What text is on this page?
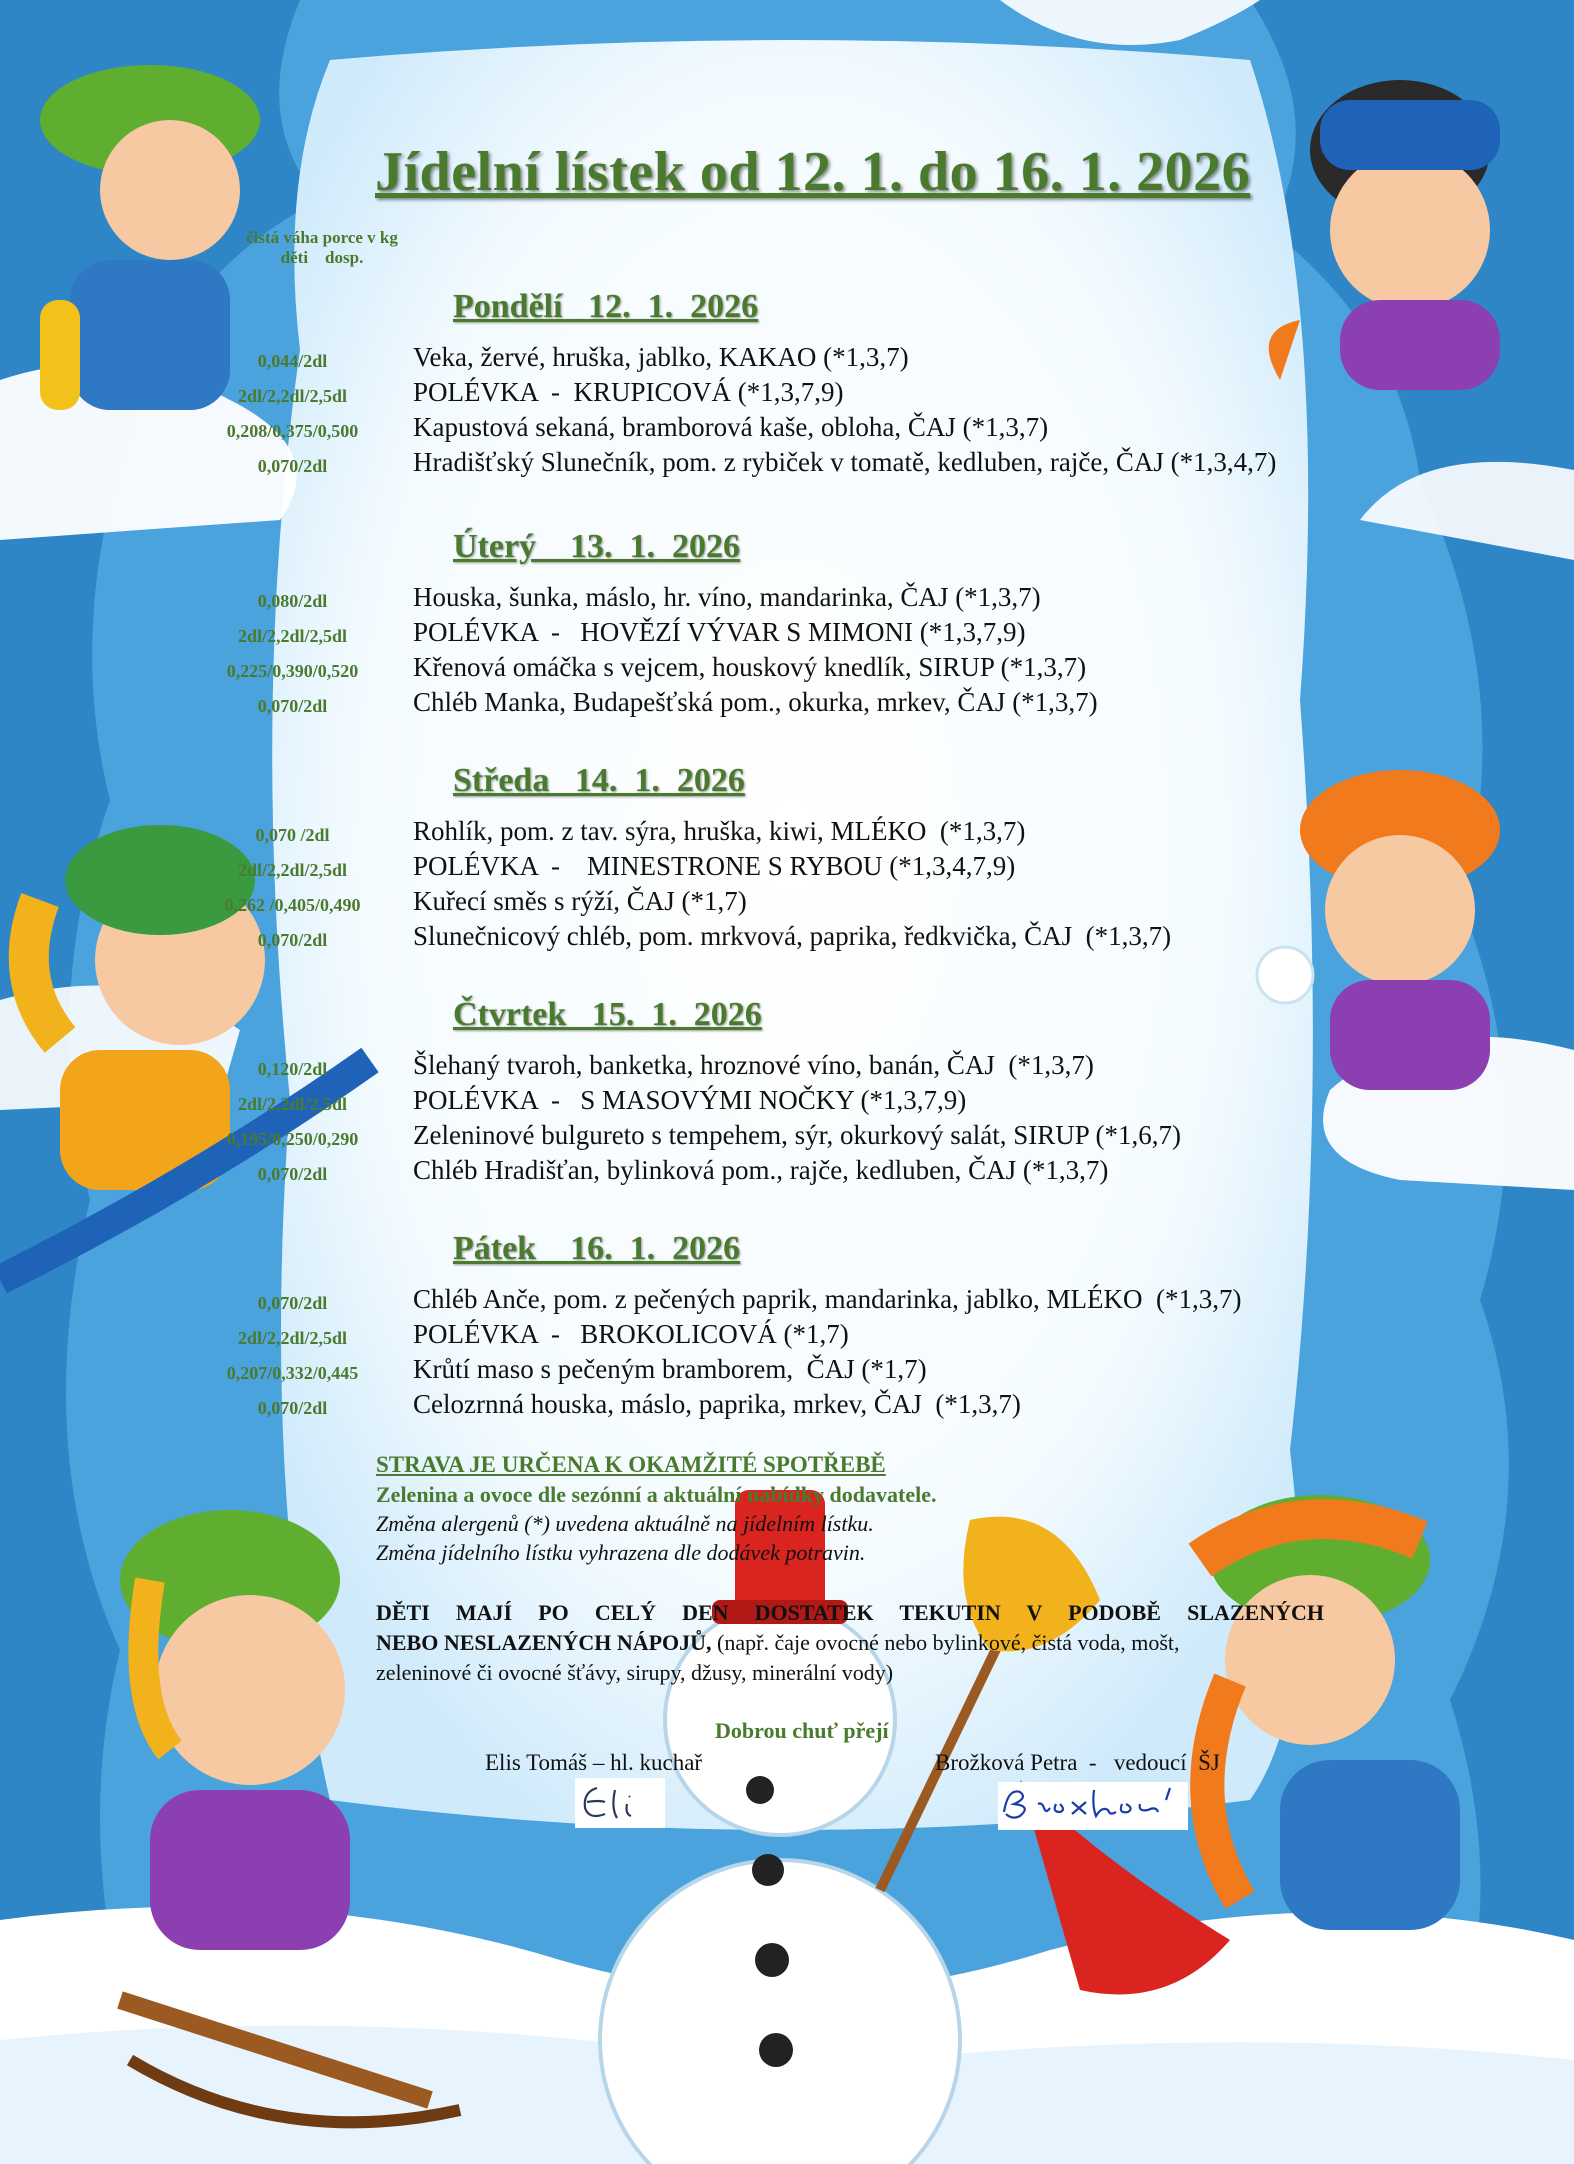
Jídelní lístek od 12. 1. do 16. 1. 2026
čistá váha porce v kg
děti    dosp.
Pondělí   12.  1.  2026
0,044/2dl	Veka, žervé, hruška, jablko, KAKAO (*1,3,7)
2dl/2,2dl/2,5dl	POLÉVKA  -  KRUPICOVÁ (*1,3,7,9)
0,208/0,375/0,500	Kapustová sekaná, bramborová kaše, obloha, ČAJ (*1,3,7)
0,070/2dl	Hradišťský Slunečník, pom. z rybiček v tomatě, kedluben, rajče, ČAJ (*1,3,4,7)
Úterý    13.  1.  2026
0,080/2dl	Houska, šunka, máslo, hr. víno, mandarinka, ČAJ (*1,3,7)
2dl/2,2dl/2,5dl	POLÉVKA  -   HOVĚZÍ VÝVAR S MIMONI (*1,3,7,9)
0,225/0,390/0,520	Křenová omáčka s vejcem, houskový knedlík, SIRUP (*1,3,7)
0,070/2dl	Chléb Manka, Budapešťská pom., okurka, mrkev, ČAJ (*1,3,7)
Středa   14.  1.  2026
0,070 /2dl	Rohlík, pom. z tav. sýra, hruška, kiwi, MLÉKO  (*1,3,7)
2dl/2,2dl/2,5dl	POLÉVKA  -    MINESTRONE S RYBOU (*1,3,4,7,9)
0,262 /0,405/0,490	Kuřecí směs s rýží, ČAJ (*1,7)
0,070/2dl	Slunečnicový chléb, pom. mrkvová, paprika, ředkvička, ČAJ  (*1,3,7)
Čtvrtek   15.  1.  2026
0,120/2dl	Šlehaný tvaroh, banketka, hroznové víno, banán, ČAJ  (*1,3,7)
2dl/2,2dl/2,5dl	POLÉVKA  -   S MASOVÝMI NOČKY (*1,3,7,9)
0,195/0,250/0,290	Zeleninové bulgureto s tempehem, sýr, okurkový salát, SIRUP (*1,6,7)
0,070/2dl	Chléb Hradišťan, bylinková pom., rajče, kedluben, ČAJ (*1,3,7)
Pátek    16.  1.  2026
0,070/2dl	Chléb Anče, pom. z pečených paprik, mandarinka, jablko, MLÉKO  (*1,3,7)
2dl/2,2dl/2,5dl	POLÉVKA  -   BROKOLICOVÁ (*1,7)
0,207/0,332/0,445	Krůtí maso s pečeným bramborem,  ČAJ (*1,7)
0,070/2dl	Celozrnná houska, máslo, paprika, mrkev, ČAJ  (*1,3,7)
STRAVA JE URČENA K OKAMŽITÉ SPOTŘEBĚ
Zelenina a ovoce dle sezónní a aktuální nabídky dodavatele.
Změna alergenů (*) uvedena aktuálně na jídelním lístku.
Změna jídelního lístku vyhrazena dle dodávek potravin.
DĚTI MAJÍ PO CELÝ DEN DOSTATEK TEKUTIN V PODOBĚ SLAZENÝCH
NEBO NESLAZENÝCH NÁPOJŮ, (např. čaje ovocné nebo bylinkové, čistá voda, mošt,
zeleninové či ovocné šťávy, sirupy, džusy, minerální vody)
Dobrou chuť přejí
Elis Tomáš – hl. kuchař	Brožková Petra  -   vedoucí  ŠJ
